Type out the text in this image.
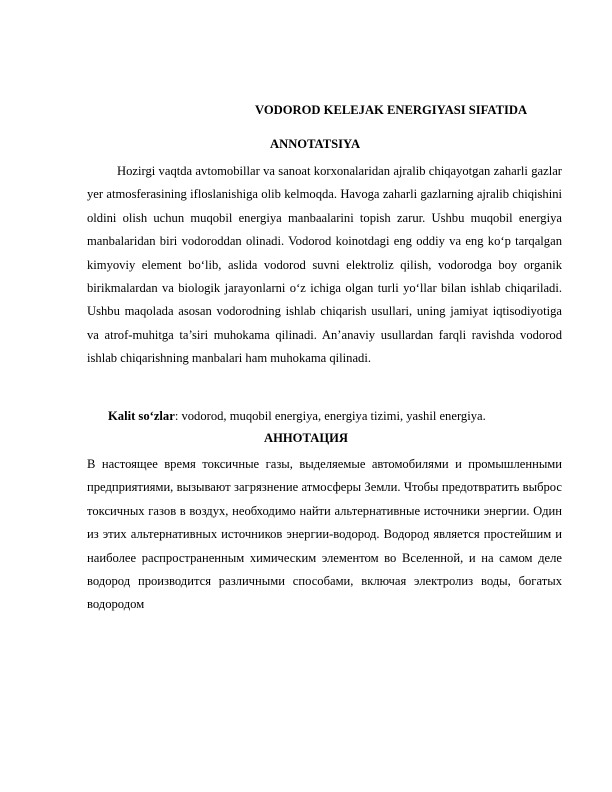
VODOROD KELEJAK ENERGIYASI SIFATIDA
ANNOTATSIYA

Hozirgi vaqtda avtomobillar va sanoat korxonalaridan ajralib chiqayotgan zaharli gazlar yer atmosferasining ifloslanishiga olib kelmoqda. Havoga zaharli gazlarning ajralib chiqishini oldini olish uchun muqobil energiya manbaalarini topish zarur. Ushbu muqobil energiya manbalaridan biri vodoroddan olinadi. Vodorod koinotdagi eng oddiy va eng ko‘p tarqalgan kimyoviy element bo‘lib, aslida vodorod suvni elektroliz qilish, vodorodga boy organik birikmalardan va biologik jarayonlarni o‘z ichiga olgan turli yo‘llar bilan ishlab chiqariladi. Ushbu maqolada asosan vodorodning ishlab chiqarish usullari, uning jamiyat iqtisodiyotiga va atrof-muhitga ta’siri muhokama qilinadi. An’anaviy usullardan farqli ravishda vodorod ishlab chiqarishning manbalari ham muhokama qilinadi.

Kalit so‘zlar: vodorod, muqobil energiya, energiya tizimi, yashil energiya.
АННОТАЦИЯ

В настоящее время токсичные газы, выделяемые автомобилями и промышленными предприятиями, вызывают загрязнение атмосферы Земли. Чтобы предотвратить выброс токсичных газов в воздух, необходимо найти альтернативные источники энергии. Один из этих альтернативных источников энергии-водород. Водород является простейшим и наиболее распространенным химическим элементом во Вселенной, и на самом деле водород производится различными способами, включая электролиз воды, богатых водородом
